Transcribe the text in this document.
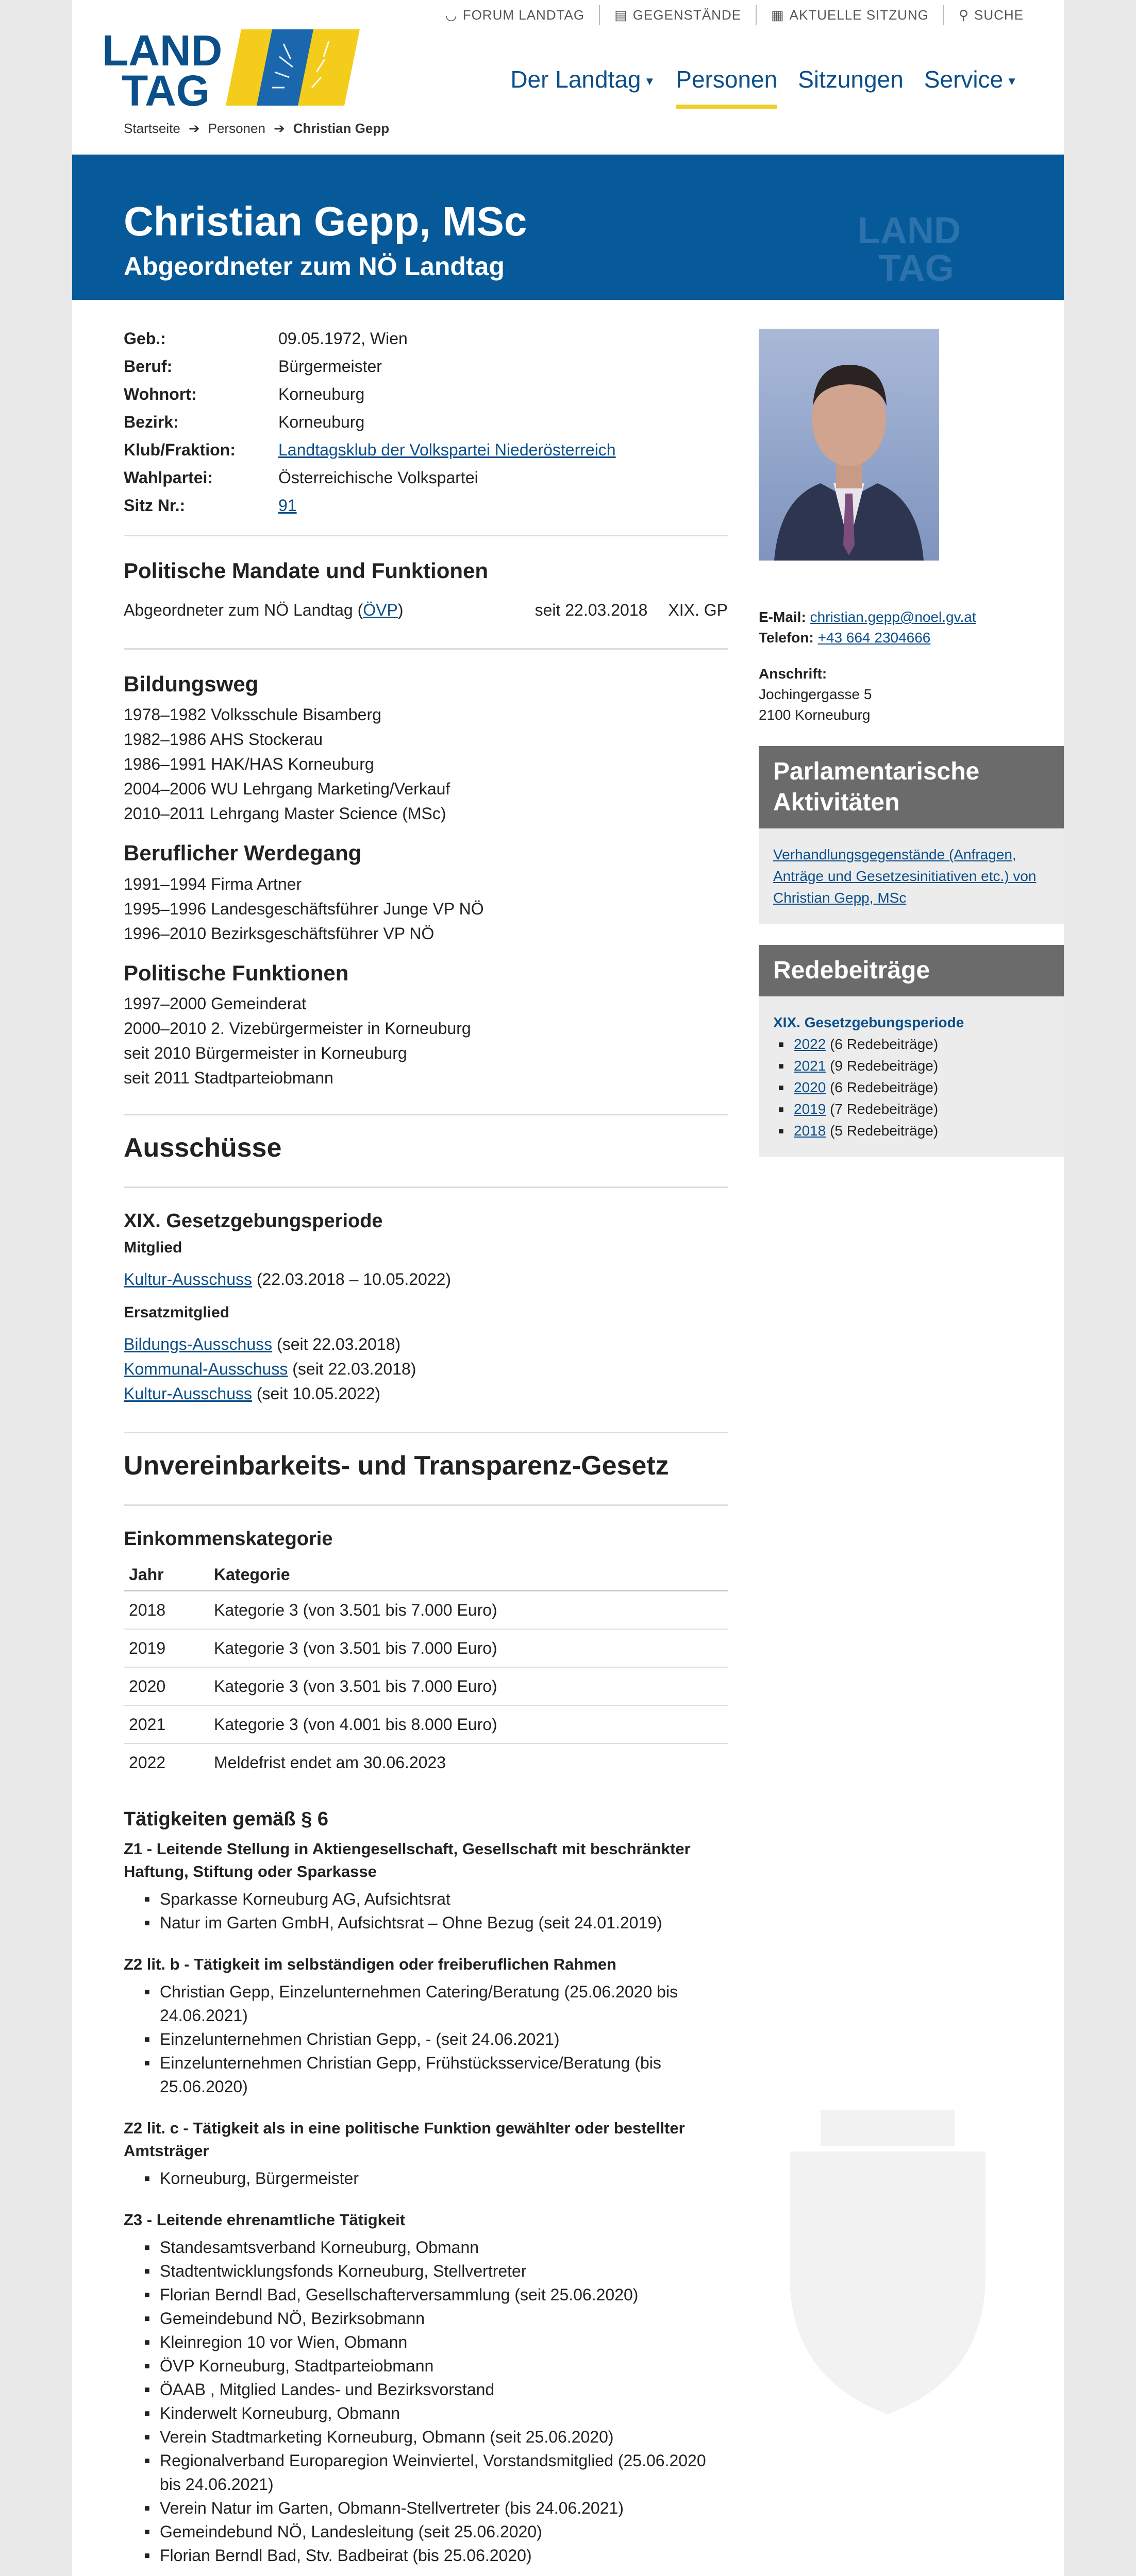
◡ FORUM LANDTAG ▤ GEGENSTÄNDE ▦ AKTUELLE SITZUNG ⚲ SUCHE
LAND
TAG	Der Landtag ▼ Personen Sitzungen Service ▼
Startseite ➔ Personen ➔ Christian Gepp
Christian Gepp, MSc
Abgeordneter zum NÖ Landtag
LAND
TAG
Geb.:	09.05.1972, Wien
Beruf:	Bürgermeister
Wohnort:	Korneuburg
Bezirk:	Korneuburg
Klub/Fraktion:	Landtagsklub der Volkspartei Niederösterreich
Wahlpartei:	Österreichische Volkspartei
Sitz Nr.:	91
Politische Mandate und Funktionen
Abgeordneter zum NÖ Landtag (ÖVP)	seit 22.03.2018 XIX. GP
Bildungsweg
1978–1982 Volksschule Bisamberg
1982–1986 AHS Stockerau
1986–1991 HAK/HAS Korneuburg
2004–2006 WU Lehrgang Marketing/Verkauf
2010–2011 Lehrgang Master Science (MSc)
Beruflicher Werdegang
1991–1994 Firma Artner
1995–1996 Landesgeschäftsführer Junge VP NÖ
1996–2010 Bezirksgeschäftsführer VP NÖ
Politische Funktionen
1997–2000 Gemeinderat
2000–2010 2. Vizebürgermeister in Korneuburg
seit 2010 Bürgermeister in Korneuburg
seit 2011 Stadtparteiobmann
Ausschüsse
XIX. Gesetzgebungsperiode
Mitglied
Kultur-Ausschuss (22.03.2018 – 10.05.2022)
Ersatzmitglied
Bildungs-Ausschuss (seit 22.03.2018)
Kommunal-Ausschuss (seit 22.03.2018)
Kultur-Ausschuss (seit 10.05.2022)
Unvereinbarkeits- und Transparenz-Gesetz
Einkommenskategorie
Jahr	Kategorie
2018	Kategorie 3 (von 3.501 bis 7.000 Euro)
2019	Kategorie 3 (von 3.501 bis 7.000 Euro)
2020	Kategorie 3 (von 3.501 bis 7.000 Euro)
2021	Kategorie 3 (von 4.001 bis 8.000 Euro)
2022	Meldefrist endet am 30.06.2023
Tätigkeiten gemäß § 6
Z1 - Leitende Stellung in Aktiengesellschaft, Gesellschaft mit beschränkter Haftung, Stiftung oder Sparkasse
■ Sparkasse Korneuburg AG, Aufsichtsrat
■ Natur im Garten GmbH, Aufsichtsrat – Ohne Bezug (seit 24.01.2019)
Z2 lit. b - Tätigkeit im selbständigen oder freiberuflichen Rahmen
■ Christian Gepp, Einzelunternehmen Catering/Beratung (25.06.2020 bis 24.06.2021)
■ Einzelunternehmen Christian Gepp, - (seit 24.06.2021)
■ Einzelunternehmen Christian Gepp, Frühstücksservice/Beratung (bis 25.06.2020)
Z2 lit. c - Tätigkeit als in eine politische Funktion gewählter oder bestellter Amtsträger
■ Korneuburg, Bürgermeister
Z3 - Leitende ehrenamtliche Tätigkeit
■ Standesamtsverband Korneuburg, Obmann
■ Stadtentwicklungsfonds Korneuburg, Stellvertreter
■ Florian Berndl Bad, Gesellschafterversammlung (seit 25.06.2020)
■ Gemeindebund NÖ, Bezirksobmann
■ Kleinregion 10 vor Wien, Obmann
■ ÖVP Korneuburg, Stadtparteiobmann
■ ÖAAB , Mitglied Landes- und Bezirksvorstand
■ Kinderwelt Korneuburg, Obmann
■ Verein Stadtmarketing Korneuburg, Obmann (seit 25.06.2020)
■ Regionalverband Europaregion Weinviertel, Vorstandsmitglied (25.06.2020 bis 24.06.2021)
■ Verein Natur im Garten, Obmann-Stellvertreter (bis 24.06.2021)
■ Gemeindebund NÖ, Landesleitung (seit 25.06.2020)
■ Florian Berndl Bad, Stv. Badbeirat (bis 25.06.2020)
E-Mail: christian.gepp@noel.gv.at
Telefon: +43 664 2304666
Anschrift:
Jochingergasse 5
2100 Korneuburg
Parlamentarische Aktivitäten
Verhandlungsgegenstände (Anfragen, Anträge und Gesetzesinitiativen etc.) von Christian Gepp, MSc
Redebeiträge
XIX. Gesetzgebungsperiode
■ 2022 (6 Redebeiträge)
■ 2021 (9 Redebeiträge)
■ 2020 (6 Redebeiträge)
■ 2019 (7 Redebeiträge)
■ 2018 (5 Redebeiträge)
